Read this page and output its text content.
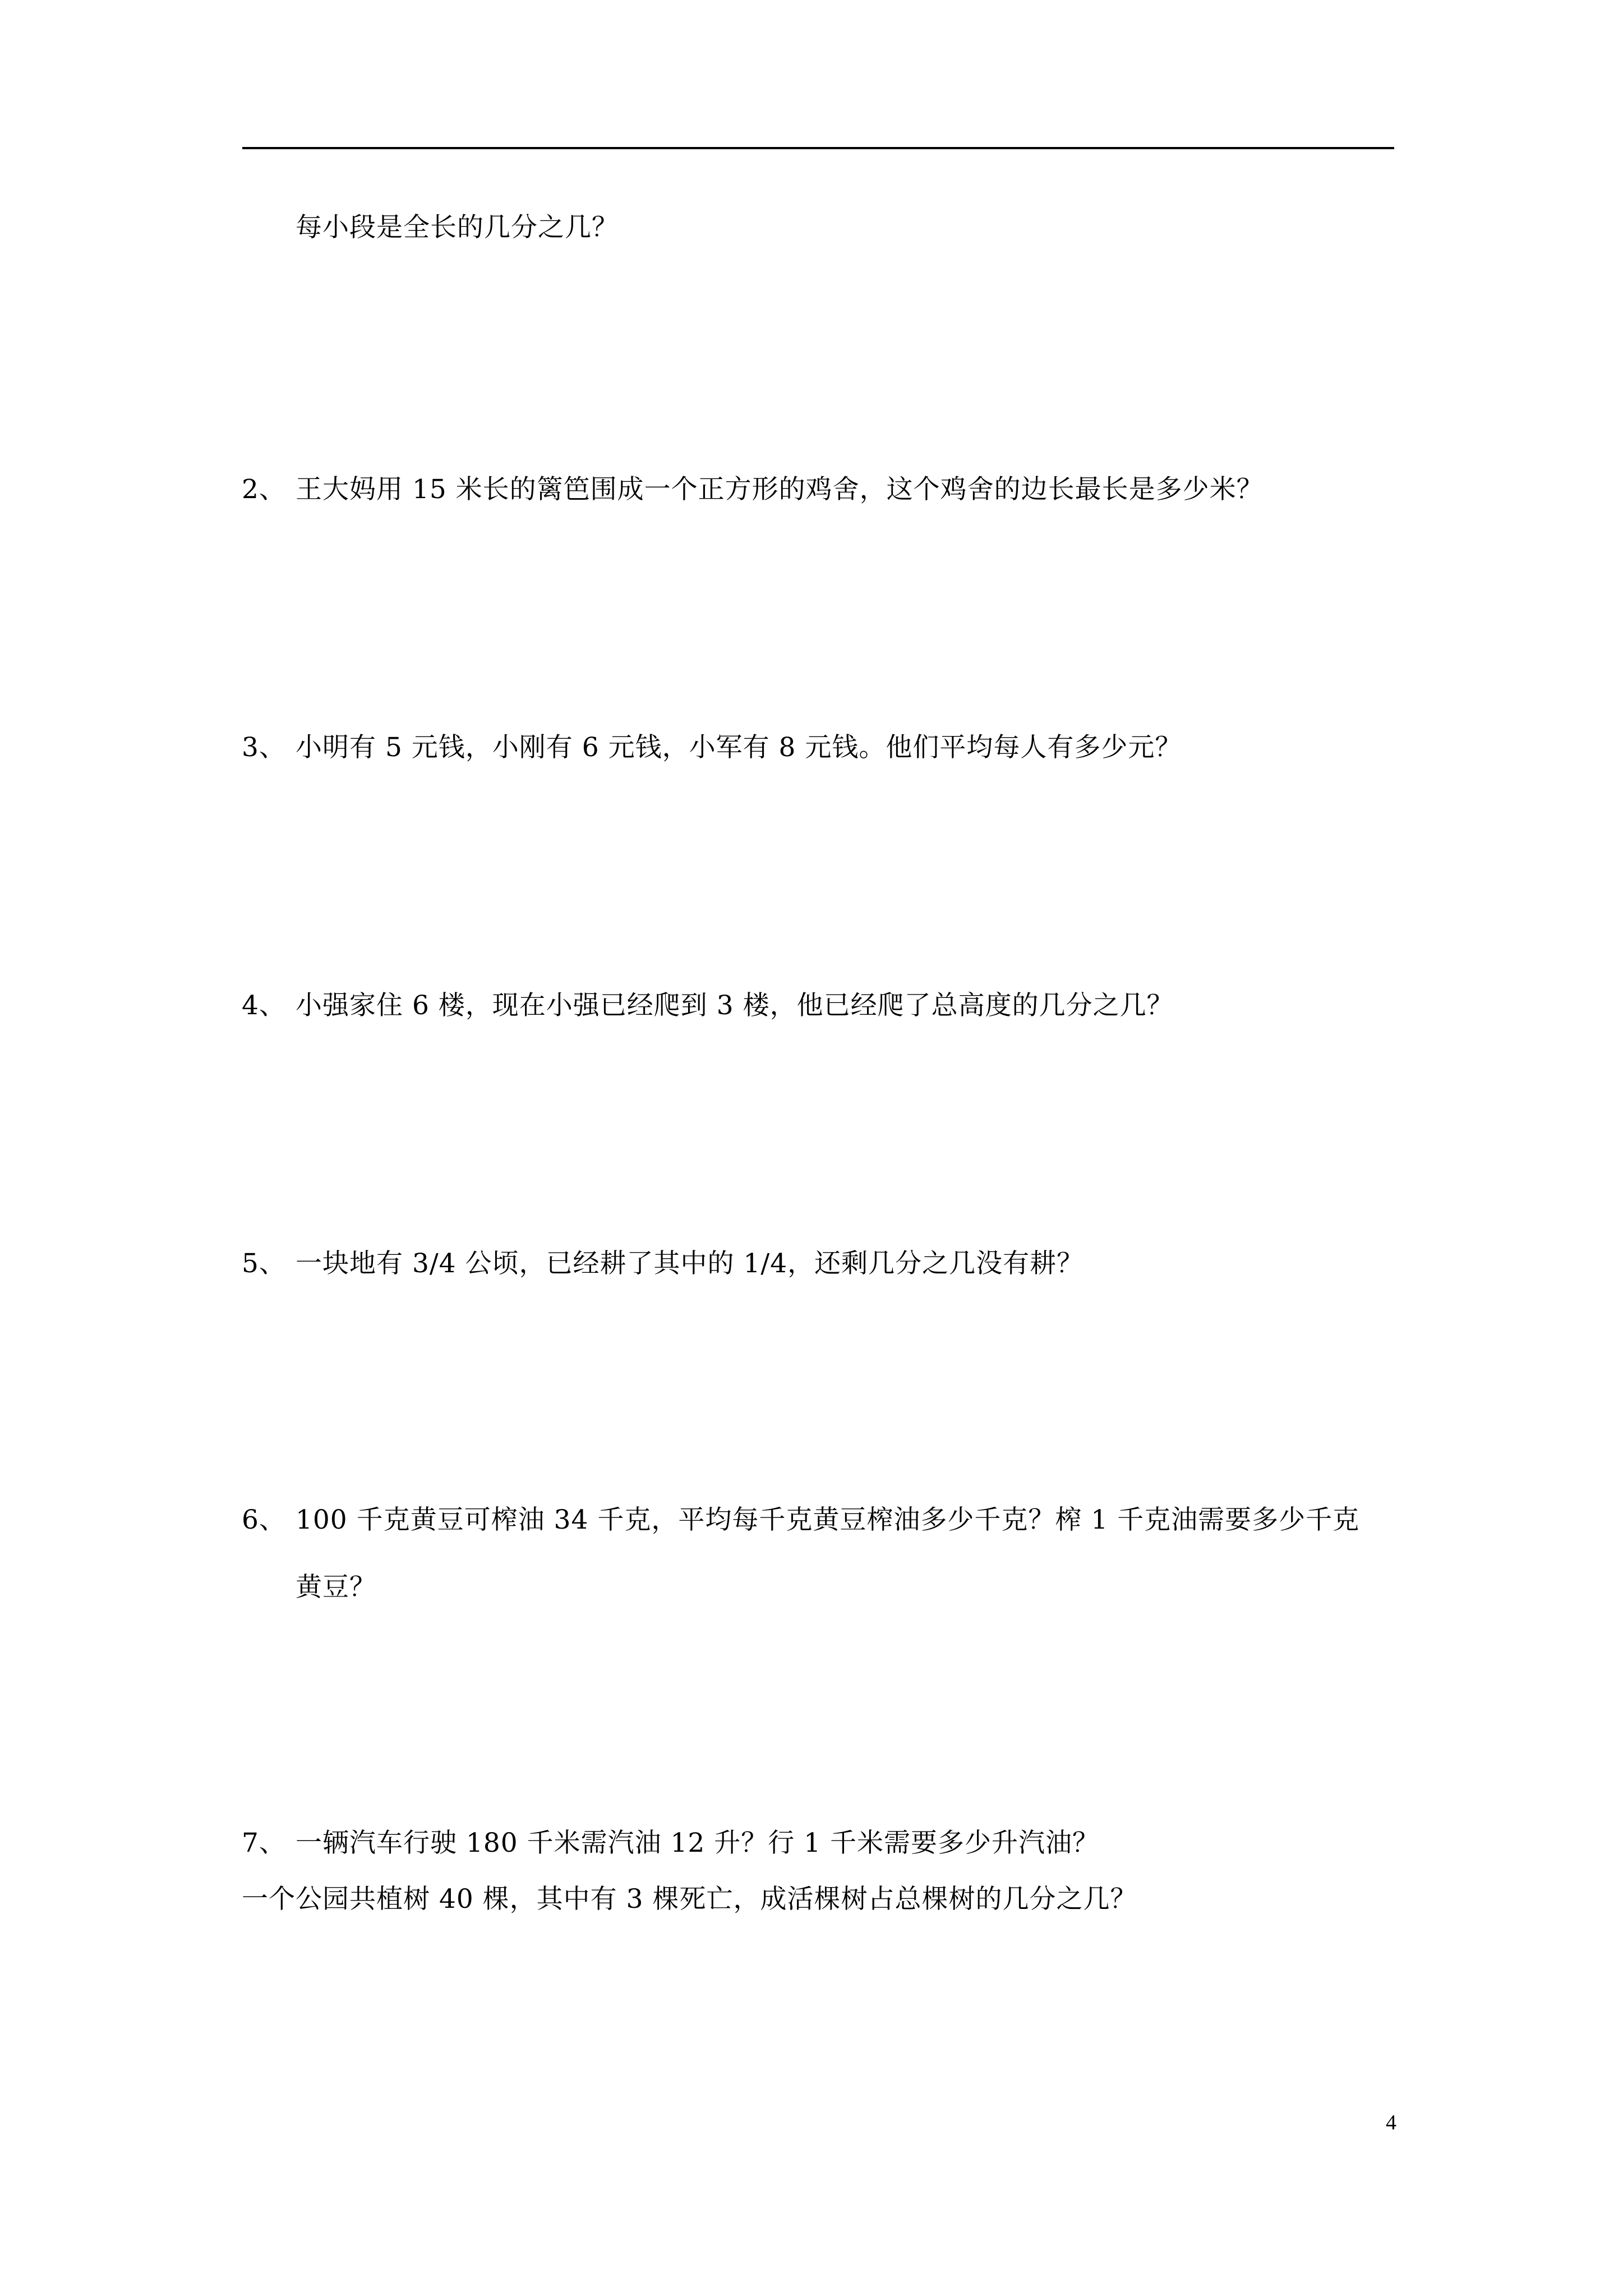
每小段是全长的几分之几？
2、 王大妈用 15 米长的篱笆围成一个正方形的鸡舍，这个鸡舍的边长最长是多少米？
3、 小明有 5 元钱，小刚有 6 元钱，小军有 8 元钱。他们平均每人有多少元？
4、 小强家住 6 楼，现在小强已经爬到 3 楼，他已经爬了总高度的几分之几？
5、 一块地有 3/4 公顷，已经耕了其中的 1/4，还剩几分之几没有耕？
6、 100 千克黄豆可榨油 34 千克，平均每千克黄豆榨油多少千克？榨 1 千克油需要多少千克
黄豆？
7、 一辆汽车行驶 180 千米需汽油 12 升？行 1 千米需要多少升汽油？
一个公园共植树 40 棵，其中有 3 棵死亡，成活棵树占总棵树的几分之几？
4
